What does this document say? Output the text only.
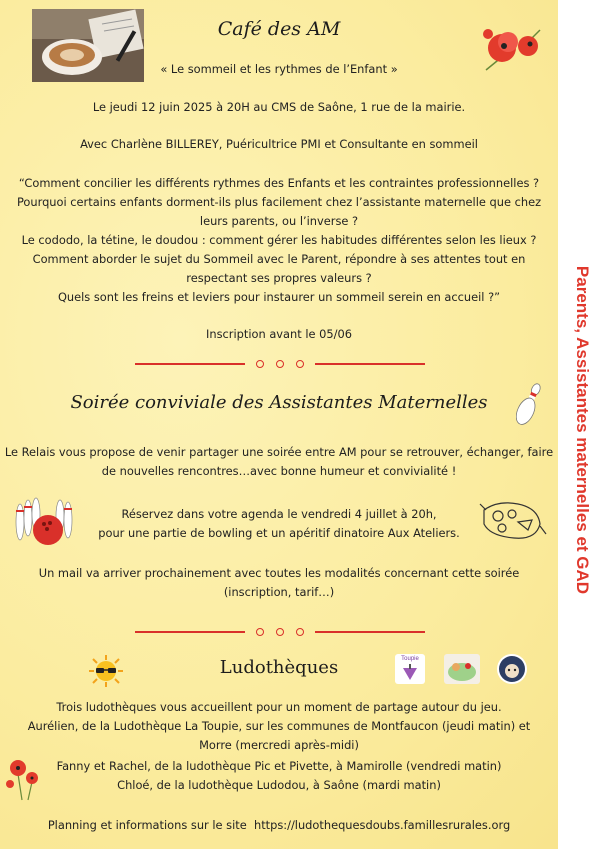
Parents, Assistantes maternelles et GAD
Café des AM
« Le sommeil et les rythmes de l’Enfant »
Le jeudi 12 juin 2025 à 20H au CMS de Saône, 1 rue de la mairie.
Avec Charlène BILLEREY, Puéricultrice PMI et Consultante en sommeil
“Comment concilier les différents rythmes des Enfants et les contraintes professionnelles ?
Pourquoi certains enfants dorment-ils plus facilement chez l’assistante maternelle que chez
leurs parents, ou l’inverse ?
Le cododo, la tétine, le doudou : comment gérer les habitudes différentes selon les lieux ?
Comment aborder le sujet du Sommeil avec le Parent, répondre à ses attentes tout en
respectant ses propres valeurs ?
Quels sont les freins et leviers pour instaurer un sommeil serein en accueil ?”
Inscription avant le 05/06
Soirée conviviale des Assistantes Maternelles
Le Relais vous propose de venir partager une soirée entre AM pour se retrouver, échanger, faire
de nouvelles rencontres…avec bonne humeur et convivialité !
Réservez dans votre agenda le vendredi 4 juillet à 20h,
pour une partie de bowling et un apéritif dinatoire Aux Ateliers.
Un mail va arriver prochainement avec toutes les modalités concernant cette soirée
(inscription, tarif…)
Ludothèques	Toupie
Trois ludothèques vous accueillent pour un moment de partage autour du jeu.
Aurélien, de la Ludothèque La Toupie, sur les communes de Montfaucon (jeudi matin) et
Morre (mercredi après-midi)
Fanny et Rachel, de la ludothèque Pic et Pivette, à Mamirolle (vendredi matin)
Chloé, de la ludothèque Ludodou, à Saône (mardi matin)
Planning et informations sur le site https://ludothequesdoubs.famillesrurales.org
